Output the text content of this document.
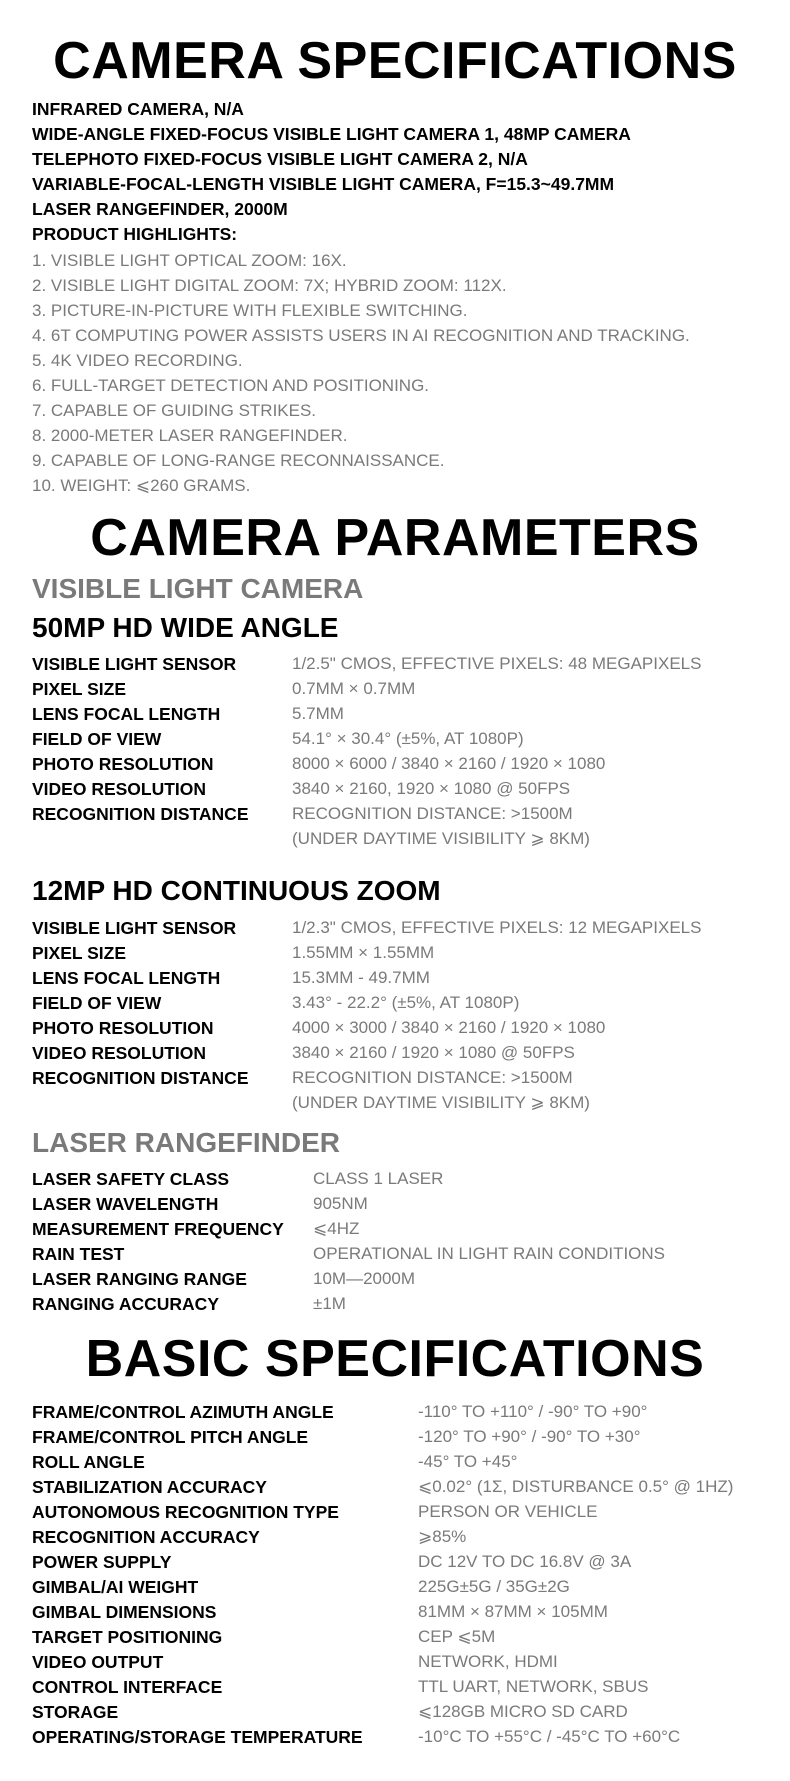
CAMERA SPECIFICATIONS
INFRARED CAMERA, N/A
WIDE-ANGLE FIXED-FOCUS VISIBLE LIGHT CAMERA 1, 48MP CAMERA
TELEPHOTO FIXED-FOCUS VISIBLE LIGHT CAMERA 2, N/A
VARIABLE-FOCAL-LENGTH VISIBLE LIGHT CAMERA, F=15.3~49.7MM
LASER RANGEFINDER, 2000M
PRODUCT HIGHLIGHTS:
1. VISIBLE LIGHT OPTICAL ZOOM: 16X.
2. VISIBLE LIGHT DIGITAL ZOOM: 7X; HYBRID ZOOM: 112X.
3. PICTURE-IN-PICTURE WITH FLEXIBLE SWITCHING.
4. 6T COMPUTING POWER ASSISTS USERS IN AI RECOGNITION AND TRACKING.
5. 4K VIDEO RECORDING.
6. FULL-TARGET DETECTION AND POSITIONING.
7. CAPABLE OF GUIDING STRIKES.
8. 2000-METER LASER RANGEFINDER.
9. CAPABLE OF LONG-RANGE RECONNAISSANCE.
10. WEIGHT: ⩽260 GRAMS.
CAMERA PARAMETERS
VISIBLE LIGHT CAMERA
50MP HD WIDE ANGLE
VISIBLE LIGHT SENSOR	1/2.5" CMOS, EFFECTIVE PIXELS: 48 MEGAPIXELS
PIXEL SIZE	0.7MM × 0.7MM
LENS FOCAL LENGTH	5.7MM
FIELD OF VIEW	54.1° × 30.4° (±5%, AT 1080P)
PHOTO RESOLUTION	8000 × 6000 / 3840 × 2160 / 1920 × 1080
VIDEO RESOLUTION	3840 × 2160, 1920 × 1080 @ 50FPS
RECOGNITION DISTANCE	RECOGNITION DISTANCE: >1500M
(UNDER DAYTIME VISIBILITY ⩾ 8KM)
12MP HD CONTINUOUS ZOOM
VISIBLE LIGHT SENSOR	1/2.3" CMOS, EFFECTIVE PIXELS: 12 MEGAPIXELS
PIXEL SIZE	1.55MM × 1.55MM
LENS FOCAL LENGTH	15.3MM - 49.7MM
FIELD OF VIEW	3.43° - 22.2° (±5%, AT 1080P)
PHOTO RESOLUTION	4000 × 3000 / 3840 × 2160 / 1920 × 1080
VIDEO RESOLUTION	3840 × 2160 / 1920 × 1080 @ 50FPS
RECOGNITION DISTANCE	RECOGNITION DISTANCE: >1500M
(UNDER DAYTIME VISIBILITY ⩾ 8KM)
LASER RANGEFINDER
LASER SAFETY CLASS	CLASS 1 LASER
LASER WAVELENGTH	905NM
MEASUREMENT FREQUENCY ⩽4HZ
RAIN TEST	OPERATIONAL IN LIGHT RAIN CONDITIONS
LASER RANGING RANGE	10M—2000M
RANGING ACCURACY	±1M
BASIC SPECIFICATIONS
FRAME/CONTROL AZIMUTH ANGLE	-110° TO +110° / -90° TO +90°
FRAME/CONTROL PITCH ANGLE	-120° TO +90° / -90° TO +30°
ROLL ANGLE	-45° TO +45°
STABILIZATION ACCURACY	⩽0.02° (1Σ, DISTURBANCE 0.5° @ 1HZ)
AUTONOMOUS RECOGNITION TYPE	PERSON OR VEHICLE
RECOGNITION ACCURACY	⩾85%
POWER SUPPLY	DC 12V TO DC 16.8V @ 3A
GIMBAL/AI WEIGHT	225G±5G / 35G±2G
GIMBAL DIMENSIONS	81MM × 87MM × 105MM
TARGET POSITIONING	CEP ⩽5M
VIDEO OUTPUT	NETWORK, HDMI
CONTROL INTERFACE	TTL UART, NETWORK, SBUS
STORAGE	⩽128GB MICRO SD CARD
OPERATING/STORAGE TEMPERATURE	-10°C TO +55°C / -45°C TO +60°C
